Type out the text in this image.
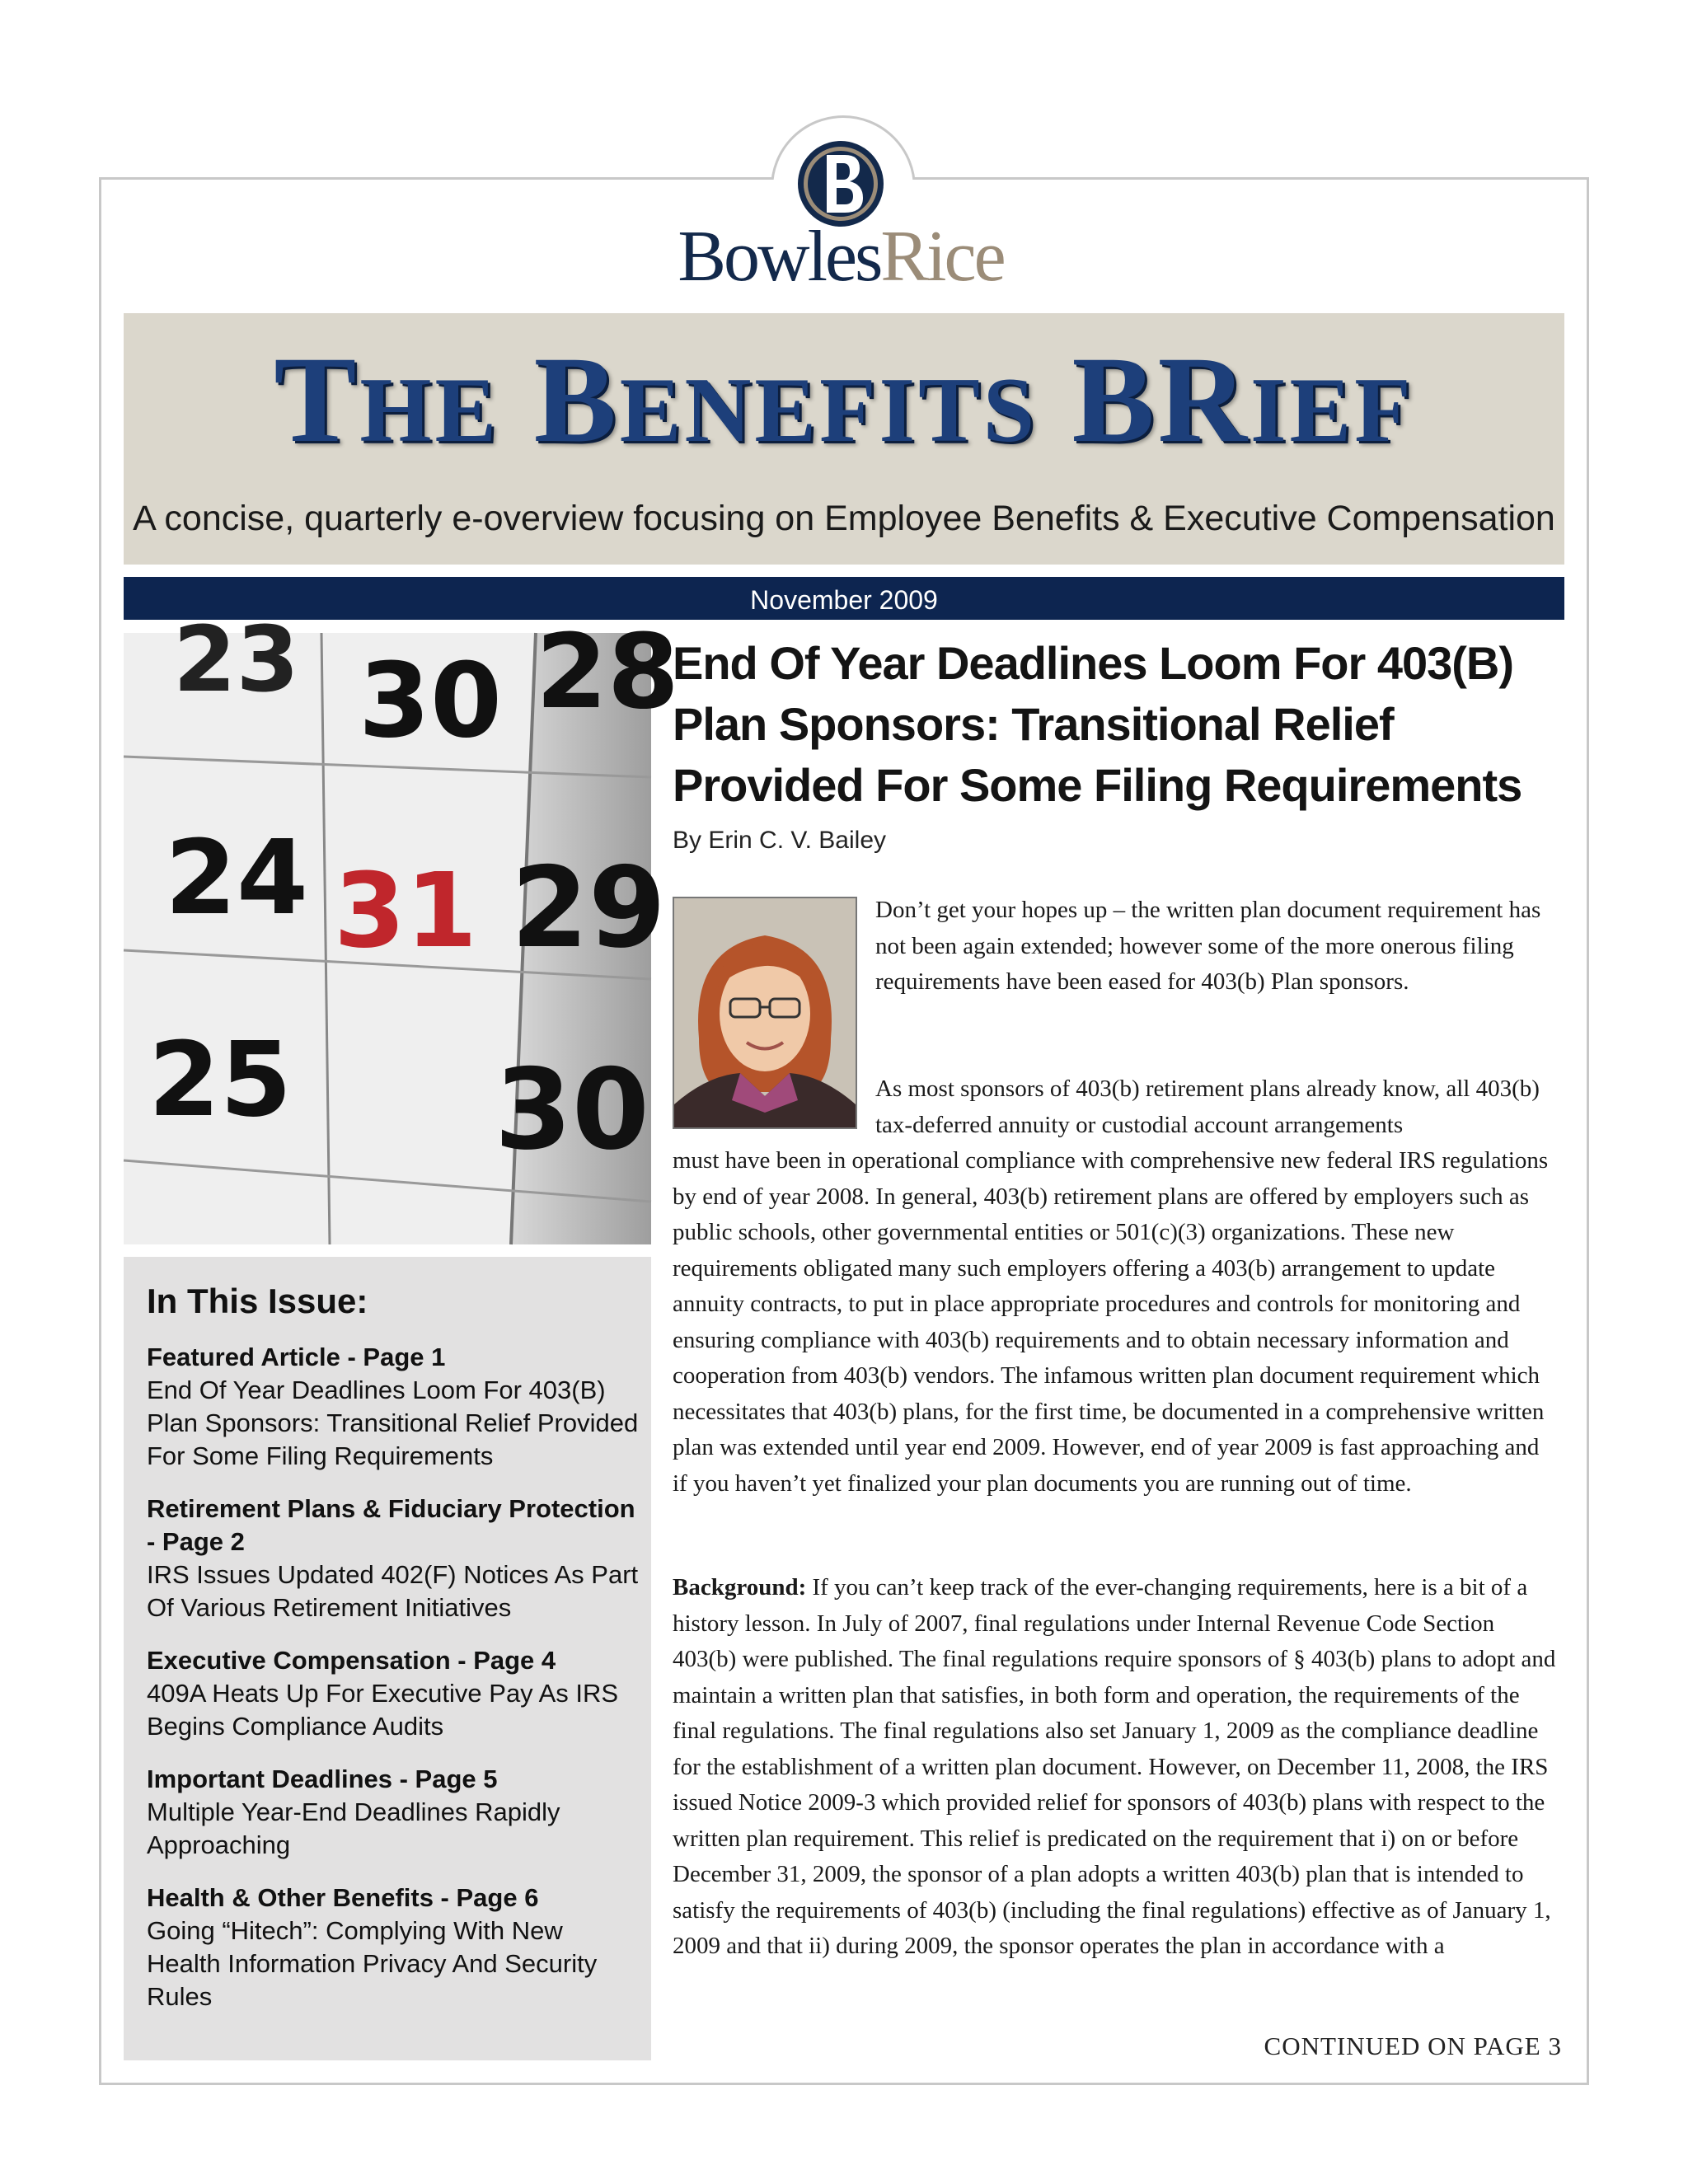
BowlesRice
THE BENEFITS BRIEF
A concise, quarterly e-overview focusing on Employee Benefits & Executive Compensation
November 2009
23 30 28
24 31 29
25 30
In This Issue:
Featured Article - Page 1
End Of Year Deadlines Loom For 403(B) Plan Sponsors: Transitional Relief Provided For Some Filing Requirements
Retirement Plans & Fiduciary Protection - Page 2
IRS Issues Updated 402(F) Notices As Part Of Various Retirement Initiatives
Executive Compensation - Page 4
409A Heats Up For Executive Pay As IRS Begins Compliance Audits
Important Deadlines - Page 5
Multiple Year-End Deadlines Rapidly Approaching
Health & Other Benefits - Page 6
Going “Hitech”: Complying With New Health Information Privacy And Security Rules
End Of Year Deadlines Loom For 403(B) Plan Sponsors: Transitional Relief Provided For Some Filing Requirements
By Erin C. V. Bailey
Don’t get your hopes up – the written plan document requirement has not been again extended; however some of the more onerous filing requirements have been eased for 403(b) Plan sponsors.
As most sponsors of 403(b) retirement plans already know, all 403(b) tax-deferred annuity or custodial account arrangements
must have been in operational compliance with comprehensive new federal IRS regulations by end of year 2008. In general, 403(b) retirement plans are offered by employers such as public schools, other governmental entities or 501(c)(3) organizations. These new requirements obligated many such employers offering a 403(b) arrangement to update annuity contracts, to put in place appropriate procedures and controls for monitoring and ensuring compliance with 403(b) requirements and to obtain necessary information and cooperation from 403(b) vendors. The infamous written plan document requirement which necessitates that 403(b) plans, for the first time, be documented in a comprehensive written plan was extended until year end 2009. However, end of year 2009 is fast approaching and if you haven’t yet finalized your plan documents you are running out of time.
Background: If you can’t keep track of the ever-changing requirements, here is a bit of a history lesson. In July of 2007, final regulations under Internal Revenue Code Section 403(b) were published. The final regulations require sponsors of § 403(b) plans to adopt and maintain a written plan that satisfies, in both form and operation, the requirements of the final regulations. The final regulations also set January 1, 2009 as the compliance deadline for the establishment of a written plan document. However, on December 11, 2008, the IRS issued Notice 2009-3 which provided relief for sponsors of 403(b) plans with respect to the written plan requirement. This relief is predicated on the requirement that i) on or before December 31, 2009, the sponsor of a plan adopts a written 403(b) plan that is intended to satisfy the requirements of 403(b) (including the final regulations) effective as of January 1, 2009 and that ii) during 2009, the sponsor operates the plan in accordance with a
CONTINUED ON PAGE 3
